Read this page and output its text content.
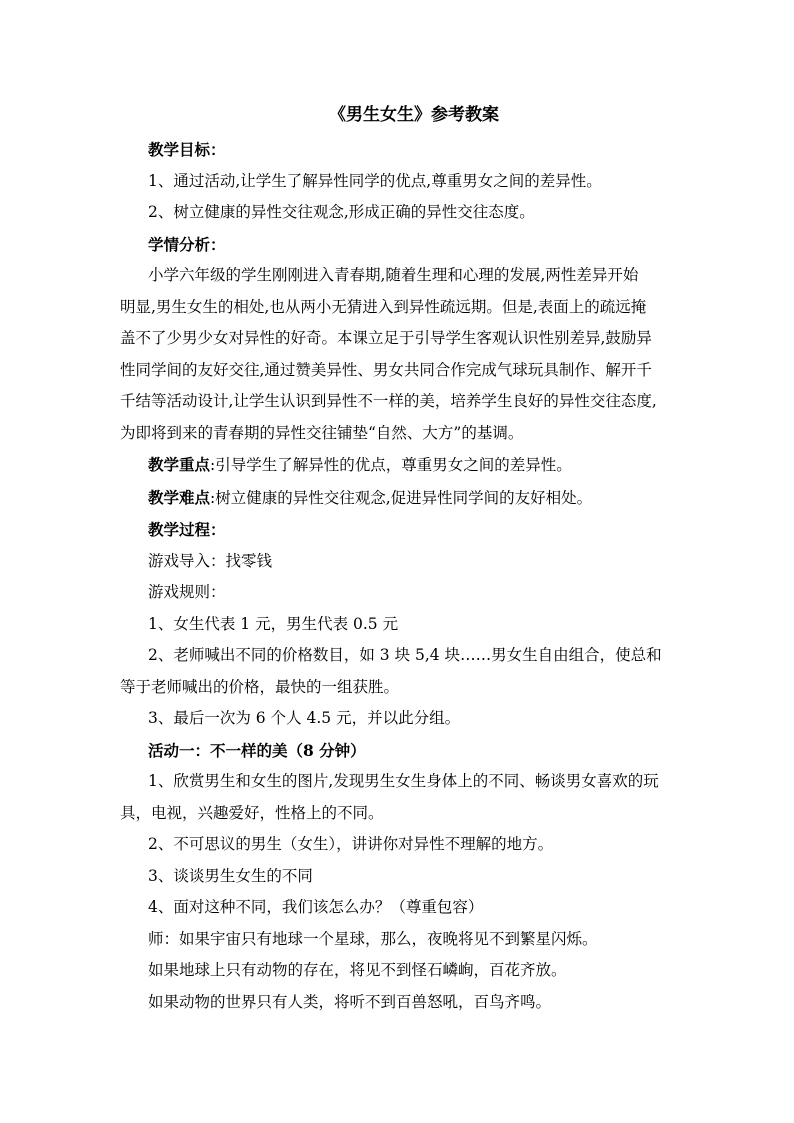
《男生女生》参考教案
教学目标：
1、通过活动,让学生了解异性同学的优点,尊重男女之间的差异性。
2、树立健康的异性交往观念,形成正确的异性交往态度。
学情分析：
小学六年级的学生刚刚进入青春期,随着生理和心理的发展,两性差异开始
明显,男生女生的相处,也从两小无猜进入到异性疏远期。但是,表面上的疏远掩
盖不了少男少女对异性的好奇。本课立足于引导学生客观认识性别差异,鼓励异
性同学间的友好交往,通过赞美异性、男女共同合作完成气球玩具制作、解开千
千结等活动设计,让学生认识到异性不一样的美，培养学生良好的异性交往态度,
为即将到来的青春期的异性交往铺垫“自然、大方”的基调。
教学重点:引导学生了解异性的优点，尊重男女之间的差异性。
教学难点:树立健康的异性交往观念,促进异性同学间的友好相处。
教学过程：
游戏导入：找零钱
游戏规则：
1、女生代表 1 元，男生代表 0.5 元
2、老师喊出不同的价格数目，如 3 块 5,4 块……男女生自由组合，使总和
等于老师喊出的价格，最快的一组获胜。
3、最后一次为 6 个人 4.5 元，并以此分组。
活动一：不一样的美（8 分钟）
1、欣赏男生和女生的图片,发现男生女生身体上的不同、畅谈男女喜欢的玩
具，电视，兴趣爱好，性格上的不同。
2、不可思议的男生（女生），讲讲你对异性不理解的地方。
3、谈谈男生女生的不同
4、面对这种不同，我们该怎么办？（尊重包容）
师：如果宇宙只有地球一个星球，那么，夜晚将见不到繁星闪烁。
如果地球上只有动物的存在，将见不到怪石嶙峋，百花齐放。
如果动物的世界只有人类，将听不到百兽怒吼，百鸟齐鸣。
